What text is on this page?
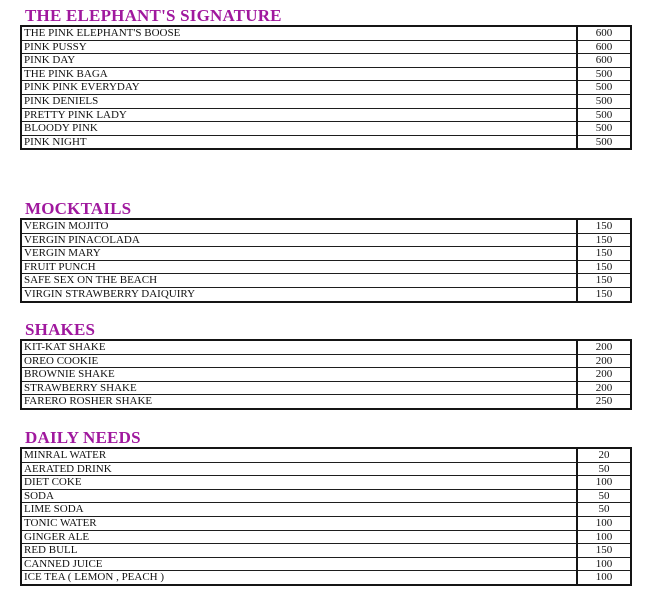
THE ELEPHANT'S SIGNATURE
THE PINK ELEPHANT'S BOOSE	600
PINK PUSSY	600
PINK DAY	600
THE PINK BAGA	500
PINK PINK EVERYDAY	500
PINK DENIELS	500
PRETTY PINK LADY	500
BLOODY PINK	500
PINK NIGHT	500
MOCKTAILS
VERGIN MOJITO	150
VERGIN PINACOLADA	150
VERGIN MARY	150
FRUIT PUNCH	150
SAFE SEX ON THE BEACH	150
VIRGIN STRAWBERRY DAIQUIRY	150
SHAKES
KIT-KAT SHAKE	200
OREO COOKIE	200
BROWNIE SHAKE	200
STRAWBERRY SHAKE	200
FARERO ROSHER SHAKE	250
DAILY NEEDS
MINRAL WATER	20
AERATED DRINK	50
DIET COKE	100
SODA	50
LIME SODA	50
TONIC WATER	100
GINGER ALE	100
RED BULL	150
CANNED JUICE	100
ICE TEA ( LEMON , PEACH )	100
